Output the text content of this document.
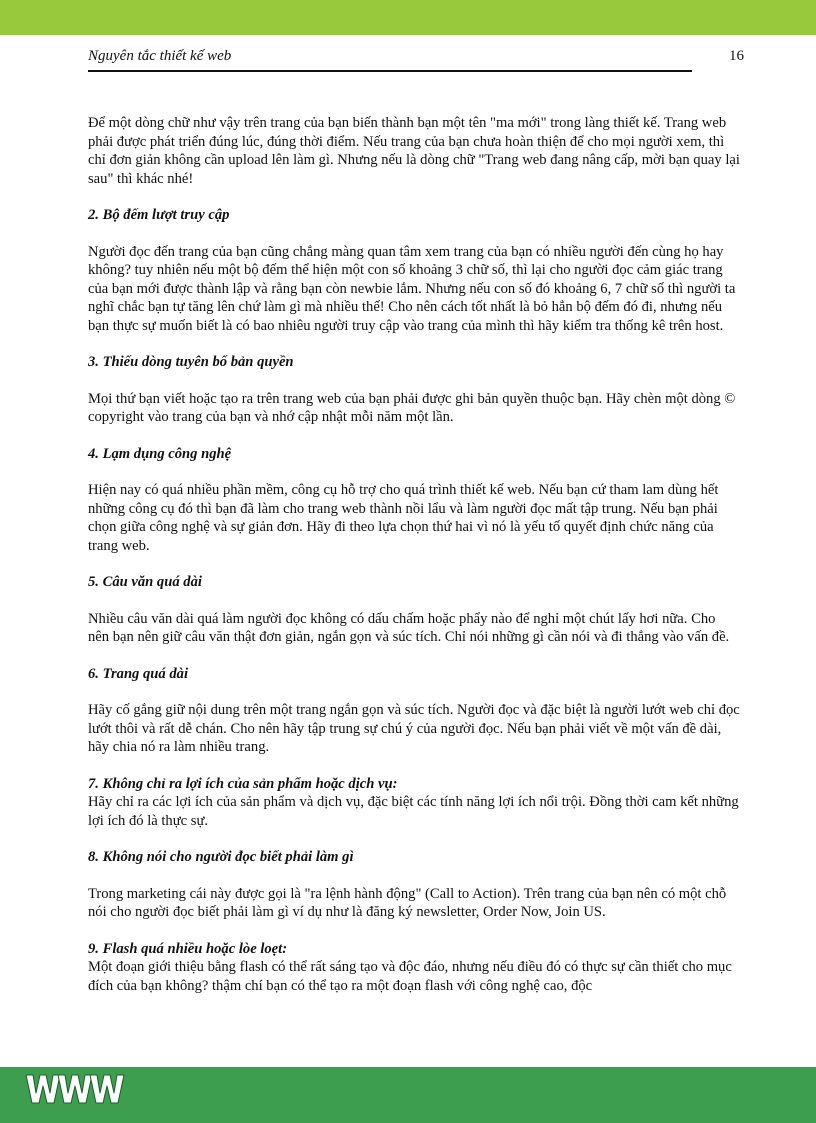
Nguyên tắc thiết kế web	16

Để một dòng chữ như vậy trên trang của bạn biến thành bạn một tên "ma mới" trong làng thiết kế. Trang web phải được phát triển đúng lúc, đúng thời điểm. Nếu trang của bạn chưa hoàn thiện để cho mọi người xem, thì chỉ đơn giản không cần upload lên làm gì. Nhưng nếu là dòng chữ "Trang web đang nâng cấp, mời bạn quay lại sau" thì khác nhé!

2. Bộ đếm lượt truy cập

Người đọc đến trang của bạn cũng chẳng màng quan tâm xem trang của bạn có nhiều người đến cùng họ hay không? tuy nhiên nếu một bộ đếm thể hiện một con số khoảng 3 chữ số, thì lại cho người đọc cảm giác trang của bạn mới được thành lập và rằng bạn còn newbie lắm. Nhưng nếu con số đó khoảng 6, 7 chữ số thì người ta nghĩ chắc bạn tự tăng lên chứ làm gì mà nhiều thế! Cho nên cách tốt nhất là bỏ hẳn bộ đếm đó đi, nhưng nếu bạn thực sự muốn biết là có bao nhiêu người truy cập vào trang của mình thì hãy kiểm tra thống kê trên host.

3. Thiếu dòng tuyên bố bản quyền

Mọi thứ bạn viết hoặc tạo ra trên trang web của bạn phải được ghi bản quyền thuộc bạn. Hãy chèn một dòng © copyright vào trang của bạn và nhớ cập nhật mỗi năm một lần.

4. Lạm dụng công nghệ

Hiện nay có quá nhiều phần mềm, công cụ hỗ trợ cho quá trình thiết kế web. Nếu bạn cứ tham lam dùng hết những công cụ đó thì bạn đã làm cho trang web thành nồi lẩu và làm người đọc mất tập trung. Nếu bạn phải chọn giữa công nghệ và sự giản đơn. Hãy đi theo lựa chọn thứ hai vì nó là yếu tố quyết định chức năng của trang web.

5. Câu văn quá dài

Nhiều câu văn dài quá làm người đọc không có dấu chấm hoặc phẩy nào để nghỉ một chút lấy hơi nữa. Cho nên bạn nên giữ câu văn thật đơn giản, ngắn gọn và súc tích. Chỉ nói những gì cần nói và đi thẳng vào vấn đề.

6. Trang quá dài

Hãy cố gắng giữ nội dung trên một trang ngắn gọn và súc tích. Người đọc và đặc biệt là người lướt web chỉ đọc lướt thôi và rất dễ chán. Cho nên hãy tập trung sự chú ý của người đọc. Nếu bạn phải viết về một vấn đề dài, hãy chia nó ra làm nhiều trang.

7. Không chỉ ra lợi ích của sản phẩm hoặc dịch vụ:

Hãy chỉ ra các lợi ích của sản phẩm và dịch vụ, đặc biệt các tính năng lợi ích nổi trội. Đồng thời cam kết những lợi ích đó là thực sự.

8. Không nói cho người đọc biết phải làm gì

Trong marketing cái này được gọi là "ra lệnh hành động" (Call to Action). Trên trang của bạn nên có một chỗ nói cho người đọc biết phải làm gì ví dụ như là đăng ký newsletter, Order Now, Join US.

9. Flash quá nhiều hoặc lòe loẹt:

Một đoạn giới thiệu bằng flash có thể rất sáng tạo và độc đáo, nhưng nếu điều đó có thực sự cần thiết cho mục đích của bạn không? thậm chí bạn có thể tạo ra một đoạn flash với công nghệ cao, độc
